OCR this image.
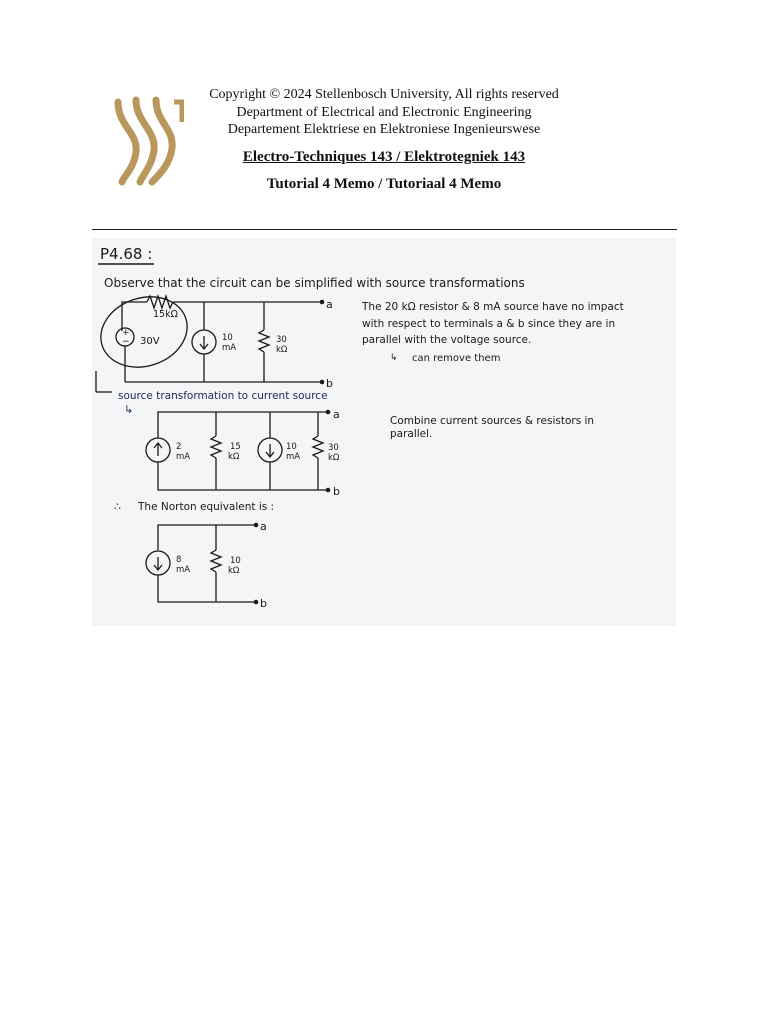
Copyright © 2024 Stellenbosch University, All rights reserved
Department of Electrical and Electronic Engineering
Departement Elektriese en Elektroniese Ingenieurswese
Electro-Techniques 143 / Elektrotegniek 143
Tutorial 4 Memo / Tutoriaal 4 Memo
P4.68 :
Observe that the circuit can be simplified with source transformations
15kΩ
+
− 30V	10
mA
30
kΩ
a
b
The 20 kΩ resistor & 8 mA source have no impact
with respect to terminals a & b since they are in
parallel with the voltage source.
↳ can remove them
source transformation to current source
↳
2
mA
15
kΩ
10
mA
30
kΩ
a
b
Combine current sources & resistors in
parallel.
∴ The Norton equivalent is :
8
mA
10
kΩ
a
b
